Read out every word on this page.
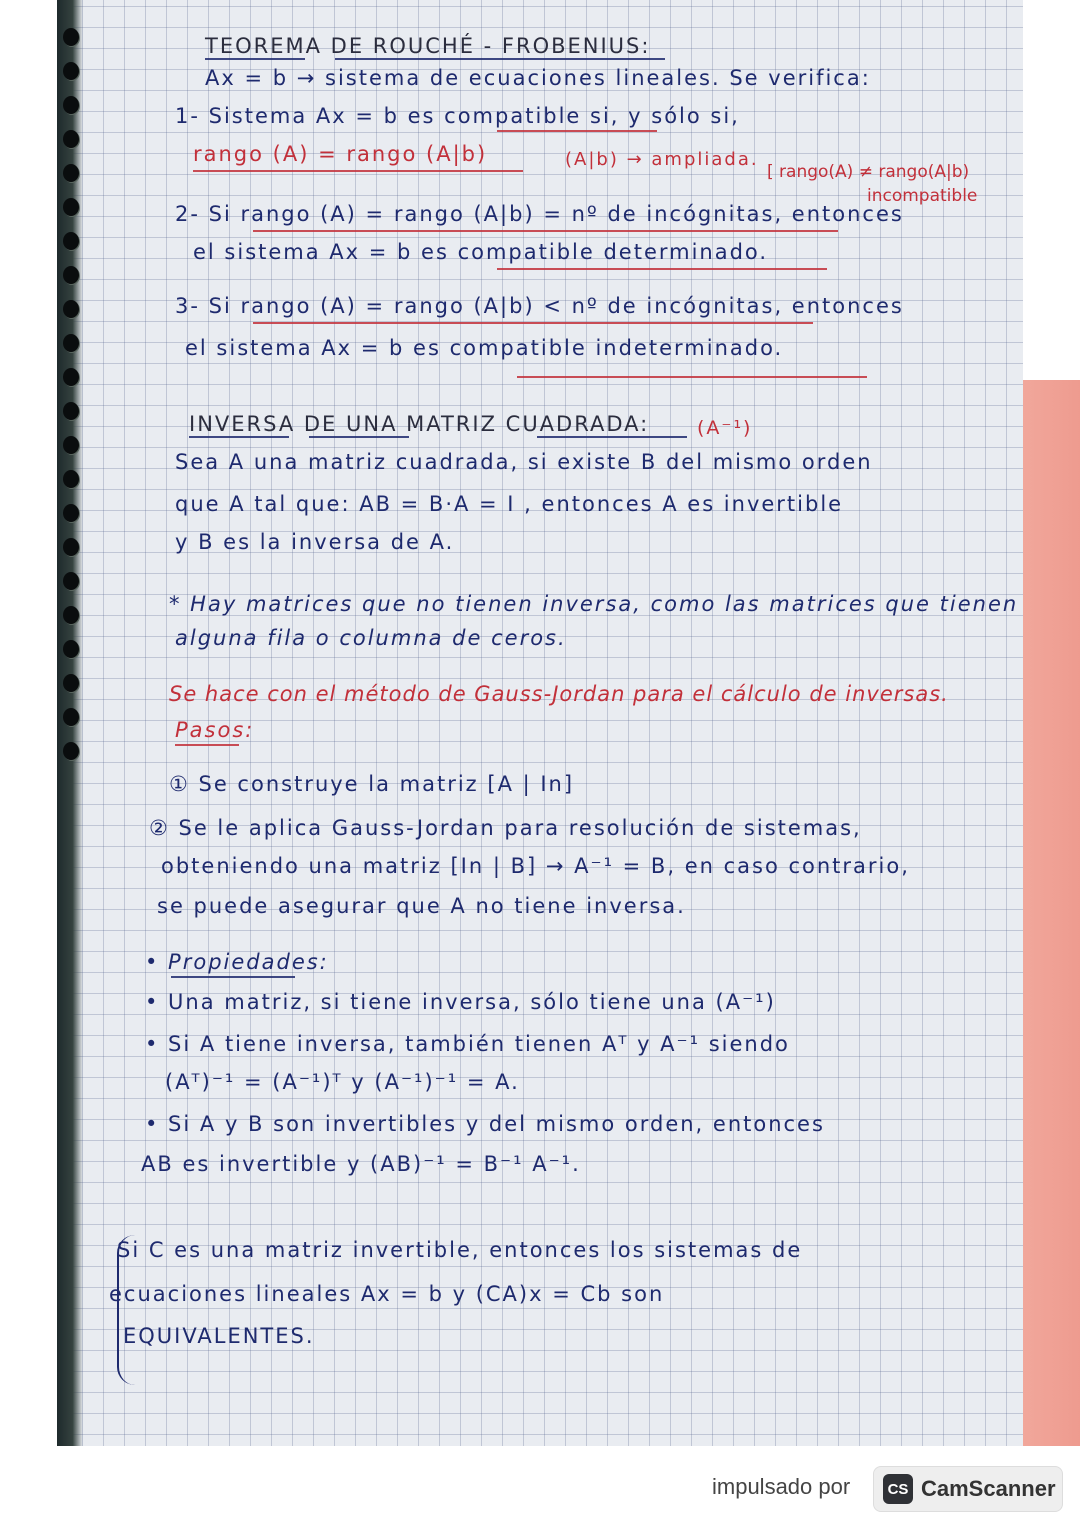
TEOREMA DE ROUCHÉ - FROBENIUS:

Ax = b → sistema de ecuaciones lineales. Se verifica:

1- Sistema Ax = b es compatible si, y sólo si,

rango (A) = rango (A|b)	(A|b) → ampliada.

[ rango(A) ≠ rango(A|b)

incompatible

2- Si rango (A) = rango (A|b) = nº de incógnitas, entonces

el sistema Ax = b es compatible determinado.

3- Si rango (A) = rango (A|b) < nº de incógnitas, entonces

el sistema Ax = b es compatible indeterminado.

INVERSA DE UNA MATRIZ CUADRADA:	(A⁻¹)

Sea A una matriz cuadrada, si existe B del mismo orden

que A tal que: AB = B·A = I , entonces A es invertible

y B es la inversa de A.

* Hay matrices que no tienen inversa, como las matrices que tienen

alguna fila o columna de ceros.

Se hace con el método de Gauss-Jordan para el cálculo de inversas.

Pasos:

① Se construye la matriz [A | In]

② Se le aplica Gauss-Jordan para resolución de sistemas,

obteniendo una matriz [In | B] → A⁻¹ = B, en caso contrario,

se puede asegurar que A no tiene inversa.

• Propiedades:

• Una matriz, si tiene inversa, sólo tiene una (A⁻¹)

• Si A tiene inversa, también tienen Aᵀ y A⁻¹ siendo

(Aᵀ)⁻¹ = (A⁻¹)ᵀ y (A⁻¹)⁻¹ = A.

• Si A y B son invertibles y del mismo orden, entonces

AB es invertible y (AB)⁻¹ = B⁻¹ A⁻¹.

Si C es una matriz invertible, entonces los sistemas de

ecuaciones lineales Ax = b y (CA)x = Cb son

EQUIVALENTES.

impulsado por	CS CamScanner
